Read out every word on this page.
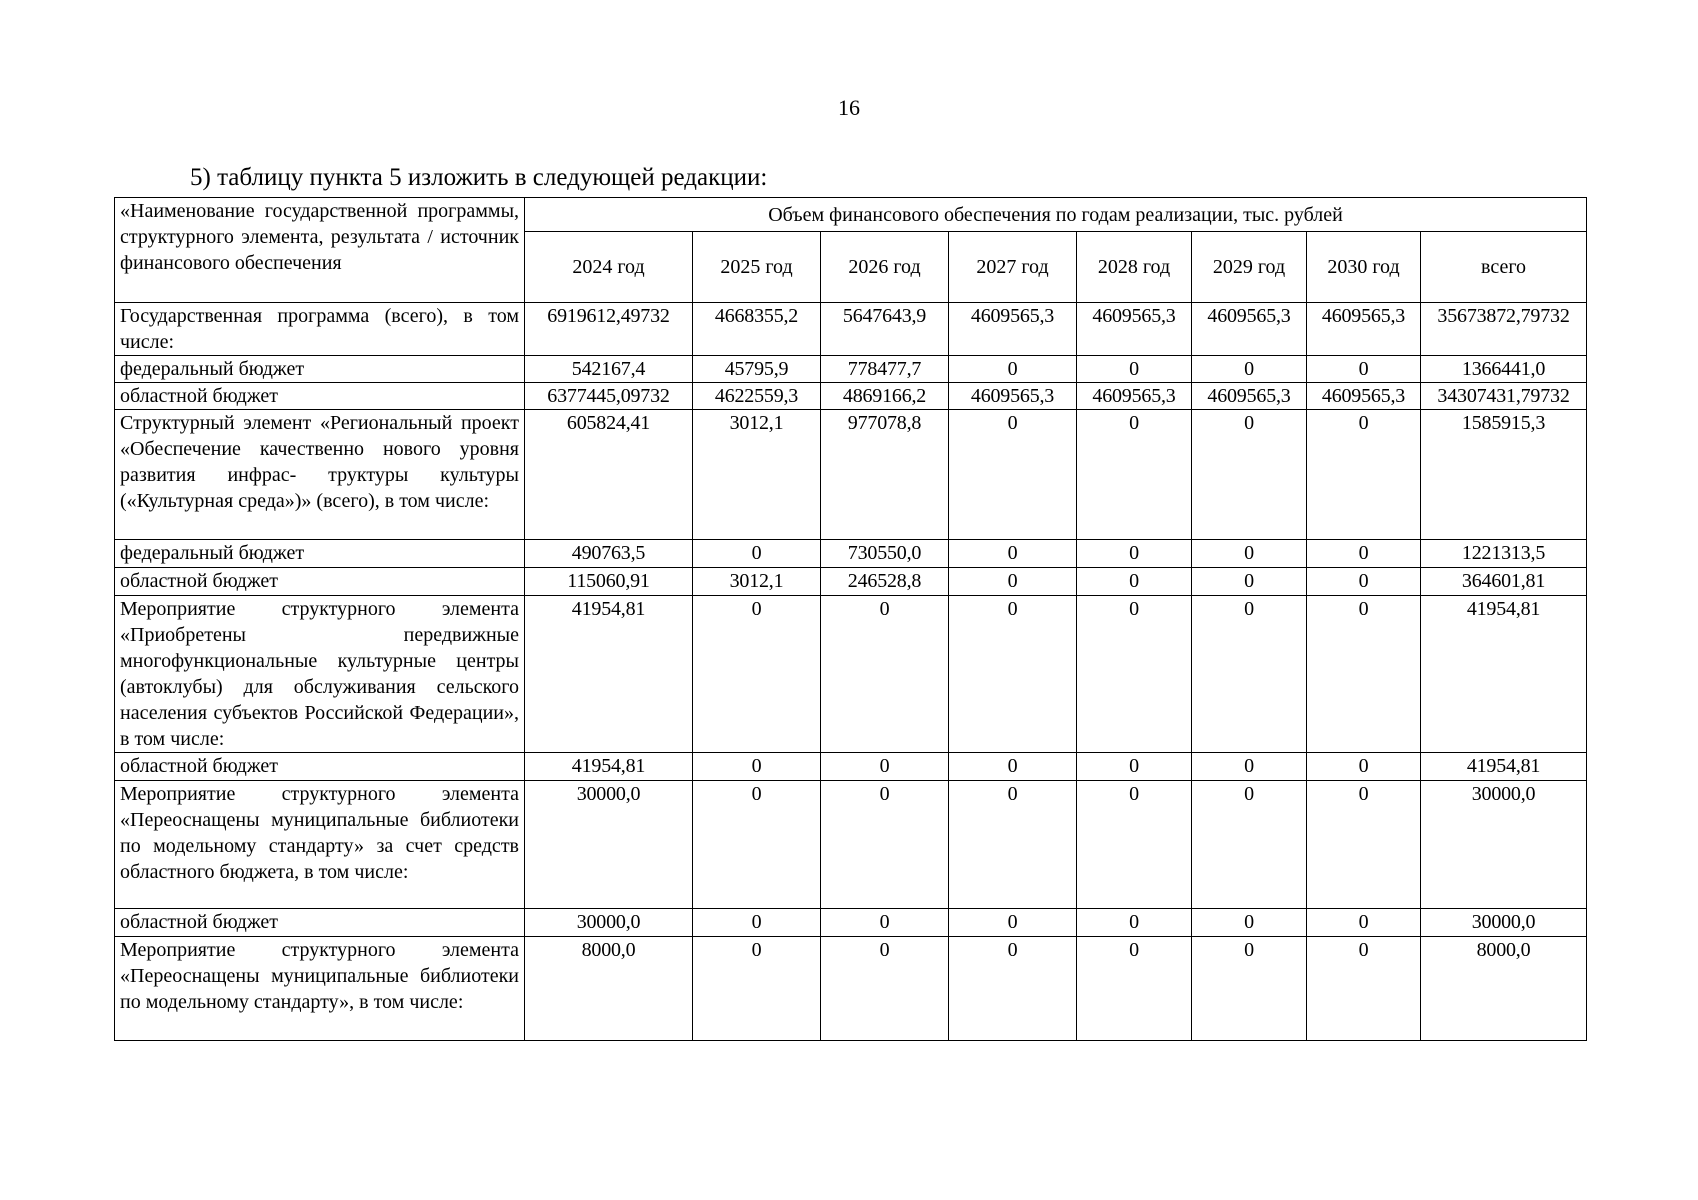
16
5) таблицу пункта 5 изложить в следующей редакции:
«Наименование государственной программы, структурного элемента, результата / источник финансового обеспечения	Объем финансового обеспечения по годам реализации, тыс. рублей							
	2024 год	2025 год	2026 год	2027 год	2028 год	2029 год	2030 год	всего
Государственная программа (всего), в том числе:	6919612,49732	4668355,2	5647643,9	4609565,3	4609565,3	4609565,3	4609565,3	35673872,79732
федеральный бюджет	542167,4	45795,9	778477,7	0	0	0	0	1366441,0
областной бюджет	6377445,09732	4622559,3	4869166,2	4609565,3	4609565,3	4609565,3	4609565,3	34307431,79732
Структурный элемент «Региональный проект «Обеспечение качественно нового уровня развития инфрас- труктуры культуры («Культурная среда»)» (всего), в том числе:	605824,41	3012,1	977078,8	0	0	0	0	1585915,3
федеральный бюджет	490763,5	0	730550,0	0	0	0	0	1221313,5
областной бюджет	115060,91	3012,1	246528,8	0	0	0	0	364601,81
Мероприятие структурного элемента «Приобретены передвижные многофункциональные культурные центры (автоклубы) для обслуживания сельского населения субъектов Российской Федерации», в том числе:	41954,81	0	0	0	0	0	0	41954,81
областной бюджет	41954,81	0	0	0	0	0	0	41954,81
Мероприятие структурного элемента «Переоснащены муниципальные библиотеки по модельному стандарту» за счет средств областного бюджета, в том числе:	30000,0	0	0	0	0	0	0	30000,0
областной бюджет	30000,0	0	0	0	0	0	0	30000,0
Мероприятие структурного элемента «Переоснащены муниципальные библиотеки по модельному стандарту», в том числе:	8000,0	0	0	0	0	0	0	8000,0
